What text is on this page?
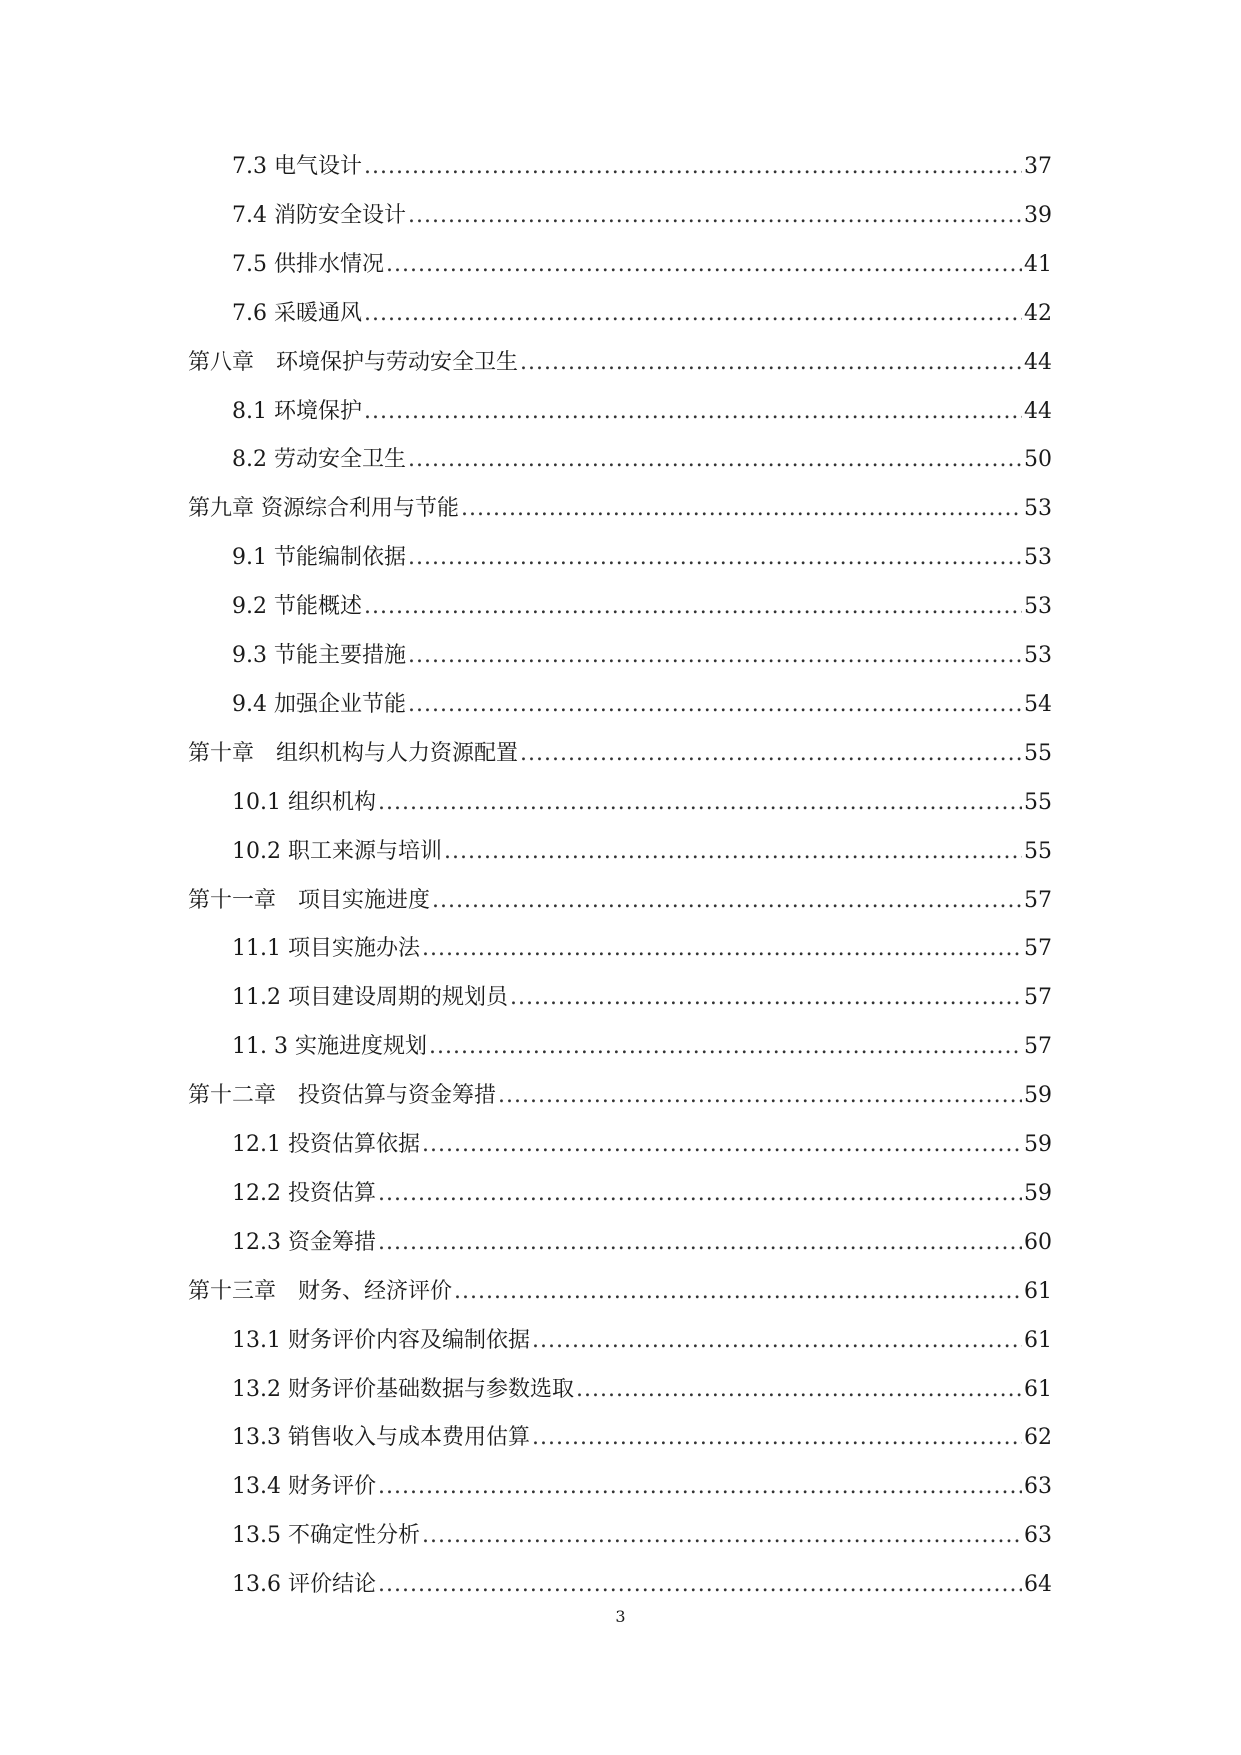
7.3 电气设计 .....	37
7.4 消防安全设计 .....	39
7.5 供排水情况 .....	41
7.6 采暖通风 .....	42
第八章　环境保护与劳动安全卫生 .....	44
8.1 环境保护 .....	44
8.2 劳动安全卫生 .....	50
第九章 资源综合利用与节能 .....	53
9.1 节能编制依据 .....	53
9.2 节能概述 .....	53
9.3 节能主要措施 .....	53
9.4 加强企业节能 .....	54
第十章　组织机构与人力资源配置 .....	55
10.1 组织机构 .....	55
10.2 职工来源与培训 .....	55
第十一章　项目实施进度 .....	57
11.1 项目实施办法 .....	57
11.2 项目建设周期的规划员 .....	57
11. 3 实施进度规划 .....	57
第十二章　投资估算与资金筹措 .....	59
12.1 投资估算依据 .....	59
12.2 投资估算 .....	59
12.3 资金筹措 .....	60
第十三章　财务、经济评价 .....	61
13.1 财务评价内容及编制依据 .....	61
13.2 财务评价基础数据与参数选取 .....	61
13.3 销售收入与成本费用估算 .....	62
13.4 财务评价 .....	63
13.5 不确定性分析 .....	63
13.6 评价结论 .....	64
3
